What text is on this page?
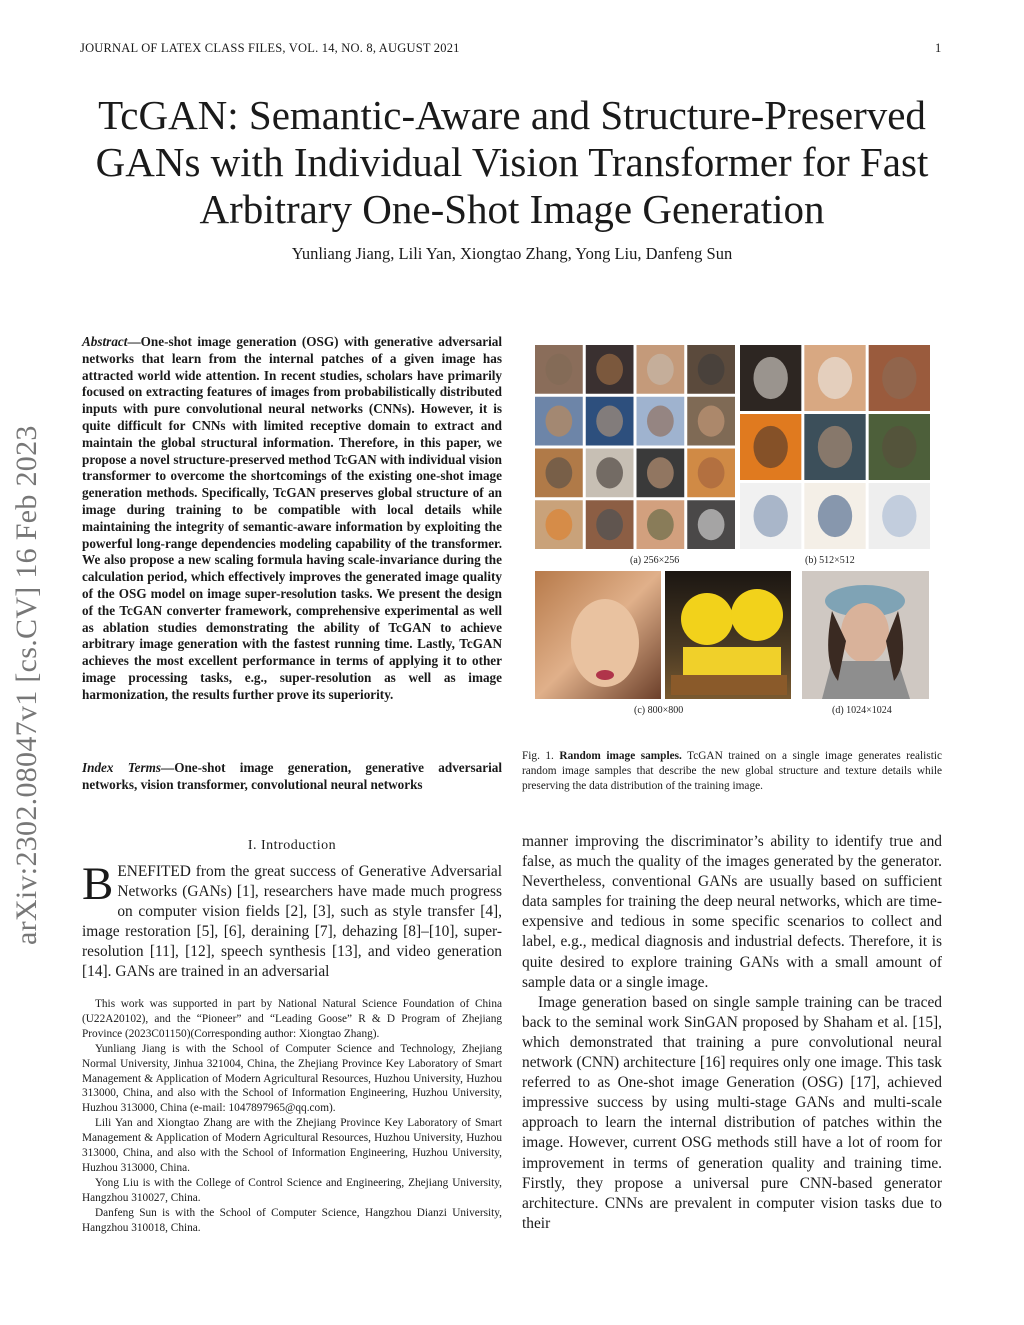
JOURNAL OF LATEX CLASS FILES, VOL. 14, NO. 8, AUGUST 2021	1
TcGAN: Semantic-Aware and Structure-Preserved GANs with Individual Vision Transformer for Fast Arbitrary One-Shot Image Generation
Yunliang Jiang, Lili Yan, Xiongtao Zhang, Yong Liu, Danfeng Sun
arXiv:2302.08047v1 [cs.CV] 16 Feb 2023
Abstract—One-shot image generation (OSG) with generative adversarial networks that learn from the internal patches of a given image has attracted world wide attention. In recent studies, scholars have primarily focused on extracting features of images from probabilistically distributed inputs with pure convolutional neural networks (CNNs). However, it is quite difficult for CNNs with limited receptive domain to extract and maintain the global structural information. Therefore, in this paper, we propose a novel structure-preserved method TcGAN with individual vision transformer to overcome the shortcomings of the existing one-shot image generation methods. Specifically, TcGAN preserves global structure of an image during training to be compatible with local details while maintaining the integrity of semantic-aware information by exploiting the powerful long-range dependencies modeling capability of the transformer. We also propose a new scaling formula having scale-invariance during the calculation period, which effectively improves the generated image quality of the OSG model on image super-resolution tasks. We present the design of the TcGAN converter framework, comprehensive experimental as well as ablation studies demonstrating the ability of TcGAN to achieve arbitrary image generation with the fastest running time. Lastly, TcGAN achieves the most excellent performance in terms of applying it to other image processing tasks, e.g., super-resolution as well as image harmonization, the results further prove its superiority.
Index Terms—One-shot image generation, generative adversarial networks, vision transformer, convolutional neural networks
(a) 256×256	(b) 512×512
(c) 800×800	(d) 1024×1024
Fig. 1. Random image samples. TcGAN trained on a single image generates realistic random image samples that describe the new global structure and texture details while preserving the data distribution of the training image.
I. Introduction
BENEFITED from the great success of Generative Adversarial Networks (GANs) [1], researchers have made much progress on computer vision fields [2], [3], such as style transfer [4], image restoration [5], [6], deraining [7], dehazing [8]–[10], super-resolution [11], [12], speech synthesis [13], and video generation [14]. GANs are trained in an adversarial

This work was supported in part by National Natural Science Foundation of China (U22A20102), and the “Pioneer” and “Leading Goose” R & D Program of Zhejiang Province (2023C01150)(Corresponding author: Xiongtao Zhang).

Yunliang Jiang is with the School of Computer Science and Technology, Zhejiang Normal University, Jinhua 321004, China, the Zhejiang Province Key Laboratory of Smart Management & Application of Modern Agricultural Resources, Huzhou University, Huzhou 313000, China, and also with the School of Information Engineering, Huzhou University, Huzhou 313000, China (e-mail: 1047897965@qq.com).

Lili Yan and Xiongtao Zhang are with the Zhejiang Province Key Laboratory of Smart Management & Application of Modern Agricultural Resources, Huzhou University, Huzhou 313000, China, and also with the School of Information Engineering, Huzhou University, Huzhou 313000, China.

Yong Liu is with the College of Control Science and Engineering, Zhejiang University, Hangzhou 310027, China.

Danfeng Sun is with the School of Computer Science, Hangzhou Dianzi University, Hangzhou 310018, China.

manner improving the discriminator’s ability to identify true and false, as much the quality of the images generated by the generator. Nevertheless, conventional GANs are usually based on sufficient data samples for training the deep neural networks, which are time-expensive and tedious in some specific scenarios to collect and label, e.g., medical diagnosis and industrial defects. Therefore, it is quite desired to explore training GANs with a small amount of sample data or a single image.

Image generation based on single sample training can be traced back to the seminal work SinGAN proposed by Shaham et al. [15], which demonstrated that training a pure convolutional neural network (CNN) architecture [16] requires only one image. This task referred to as One-shot image Generation (OSG) [17], achieved impressive success by using multi-stage GANs and multi-scale approach to learn the internal distribution of patches within the image. However, current OSG methods still have a lot of room for improvement in terms of generation quality and training time. Firstly, they propose a universal pure CNN-based generator architecture. CNNs are prevalent in computer vision tasks due to their
